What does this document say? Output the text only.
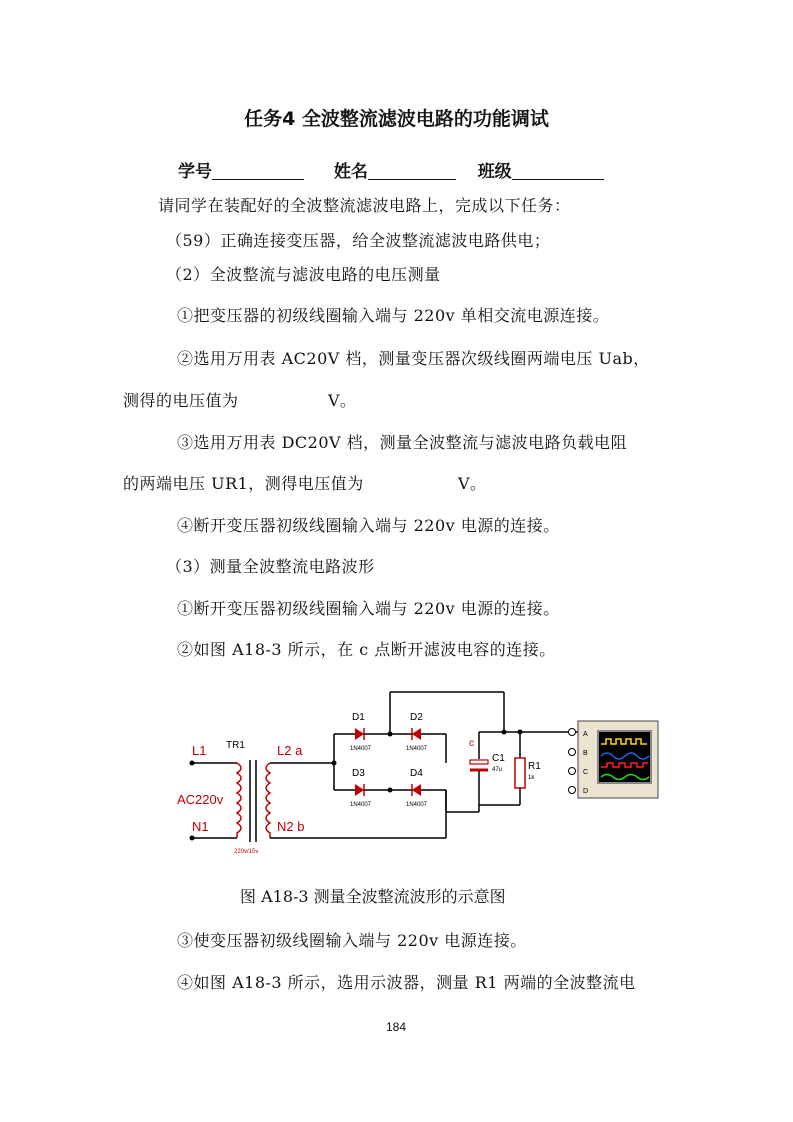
任务4 全波整流滤波电路的功能调试
学号	姓名	班级
请同学在装配好的全波整流滤波电路上，完成以下任务：
（59）正确连接变压器，给全波整流滤波电路供电；
（2）全波整流与滤波电路的电压测量
①把变压器的初级线圈输入端与 220v 单相交流电源连接。
②选用万用表 AC20V 档，测量变压器次级线圈两端电压 Uab，
测得的电压值为	V。
③选用万用表 DC20V 档，测量全波整流与滤波电路负载电阻
的两端电压 UR1，测得电压值为	V。
④断开变压器初级线圈输入端与 220v 电源的连接。
（3）测量全波整流电路波形
①断开变压器初级线圈输入端与 220v 电源的连接。
②如图 A18-3 所示，在 c 点断开滤波电容的连接。
L1
AC220v
N1
TR1
220v/15v
L2 a
N2 b
D1	D2
D3	D4
1N4007	1N4007
1N4007	1N4007
c
C1
47u	R1
1k
A
B
C
D
图 A18-3 测量全波整流波形的示意图
③使变压器初级线圈输入端与 220v 电源连接。
④如图 A18-3 所示，选用示波器，测量 R1 两端的全波整流电
184
